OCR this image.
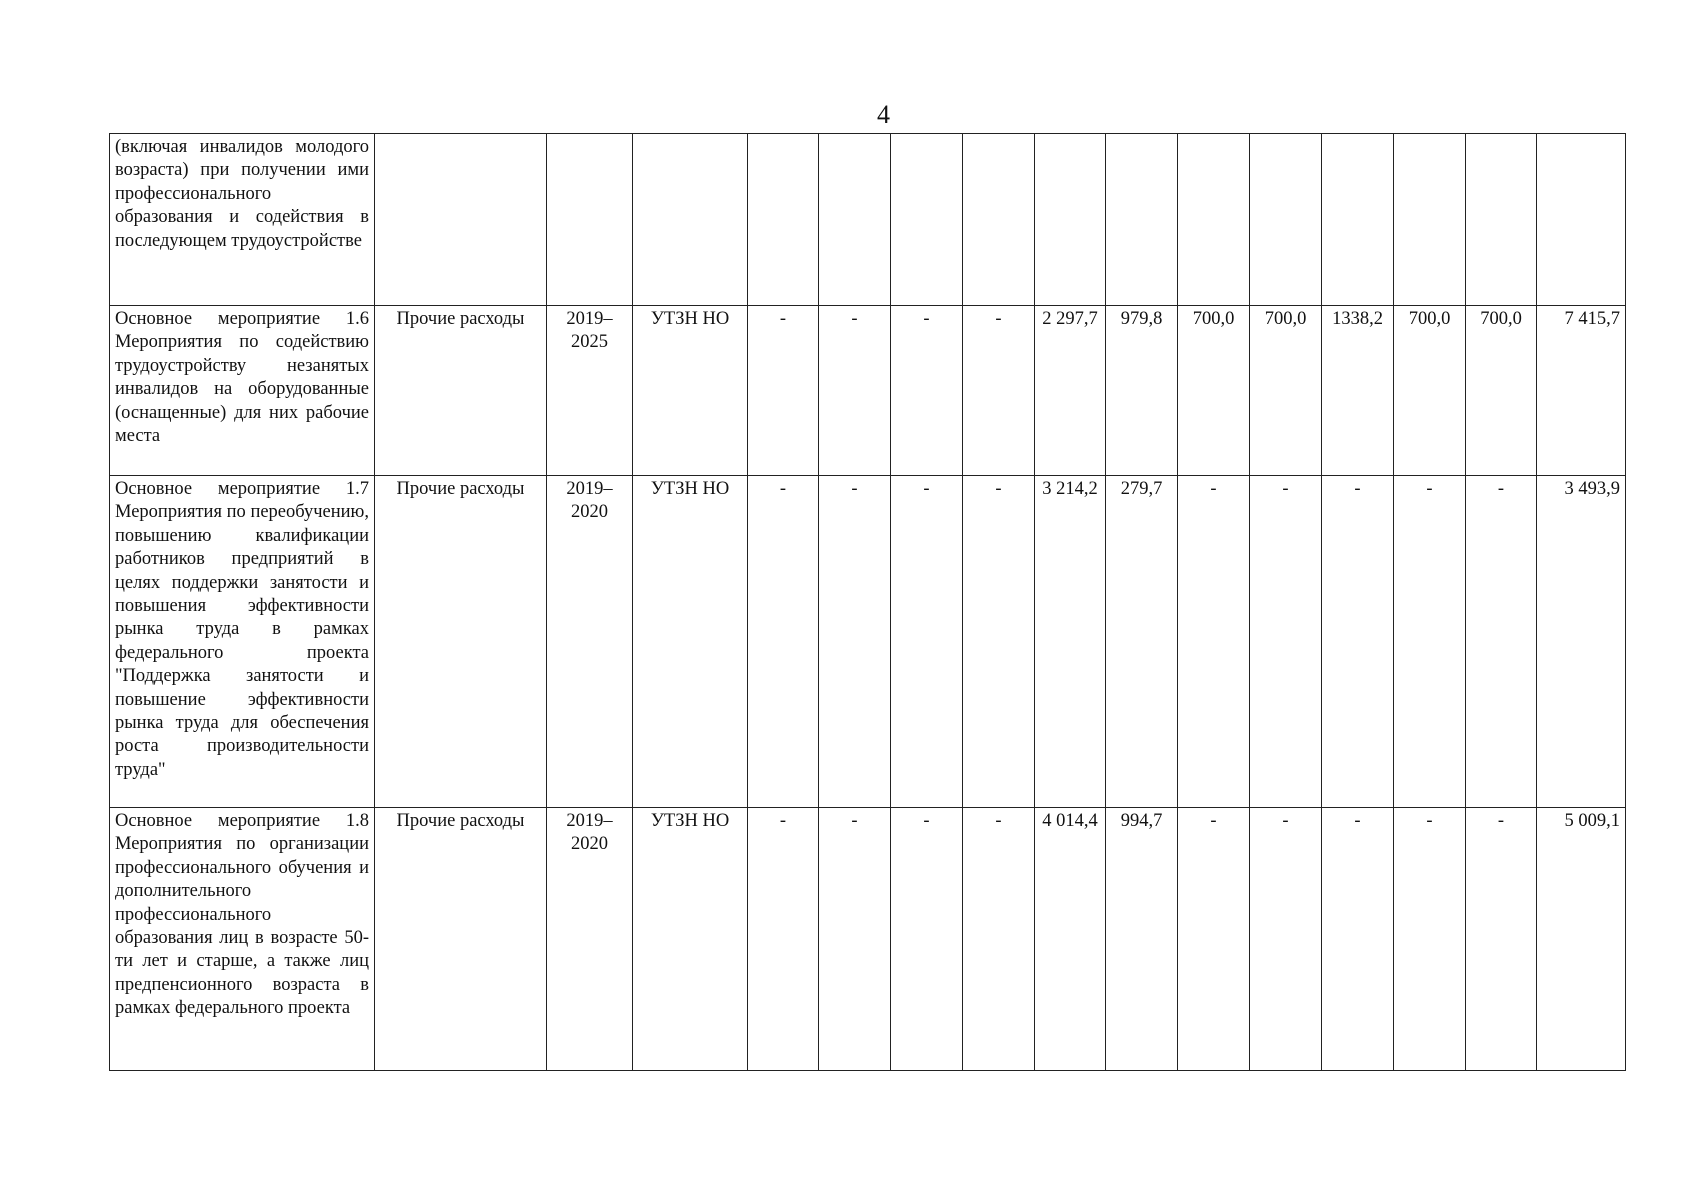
4
(включая инвалидов молодого возраста) при получении ими профессионального образования и содействия в последующем трудоустройстве															
Основное мероприятие 1.6 Мероприятия по содействию трудоустройству незанятых инвалидов на оборудованные (оснащенные) для них рабочие места	Прочие расходы	2019–2025	УТЗН НО	-	-	-	-	2 297,7	979,8	700,0	700,0	1338,2	700,0	700,0	7 415,7
Основное мероприятие 1.7 Мероприятия по переобучению, повышению квалификации работников предприятий в целях поддержки занятости и повышения эффективности рынка труда в рамках федерального проекта "Поддержка занятости и повышение эффективности рынка труда для обеспечения роста производительности труда"	Прочие расходы	2019–2020	УТЗН НО	-	-	-	-	3 214,2	279,7	-	-	-	-	-	3 493,9
Основное мероприятие 1.8 Мероприятия по организации профессионального обучения и дополнительного профессионального образования лиц в возрасте 50-ти лет и старше, а также лиц предпенсионного возраста в рамках федерального проекта	Прочие расходы	2019–2020	УТЗН НО	-	-	-	-	4 014,4	994,7	-	-	-	-	-	5 009,1
